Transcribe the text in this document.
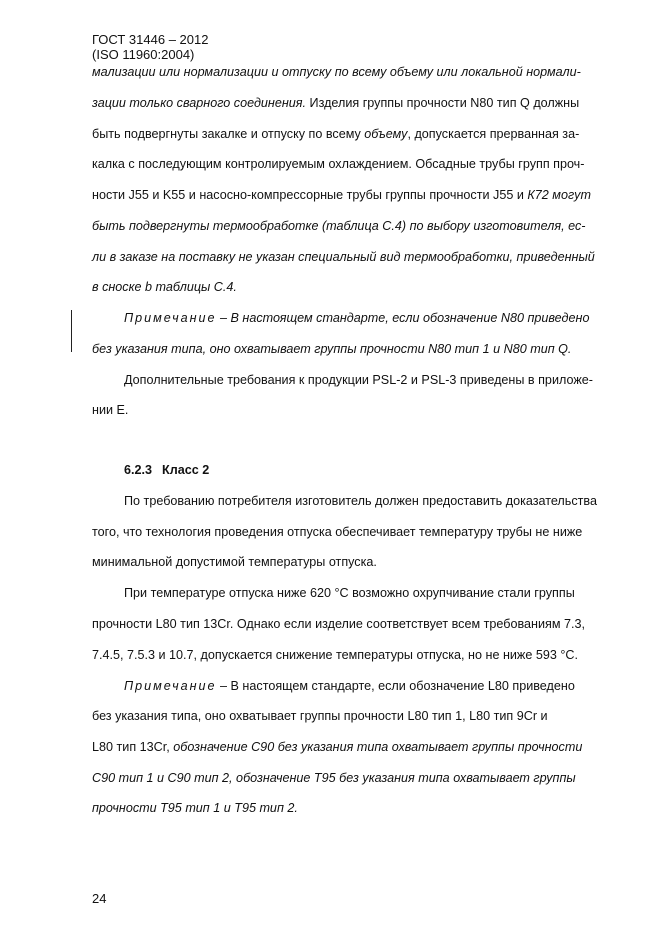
ГОСТ 31446 – 2012
(ISO 11960:2004)
мализации или нормализации и отпуску по всему объему или локальной нормали-
зации только сварного соединения. Изделия группы прочности N80 тип Q должны
быть подвергнуты закалке и отпуску по всему объему, допускается прерванная за-
калка с последующим контролируемым охлаждением. Обсадные трубы групп проч-
ности J55 и K55 и насосно-компрессорные трубы группы прочности J55 и К72 могут
быть подвергнуты термообработке (таблица С.4) по выбору изготовителя, ес-
ли в заказе на поставку не указан специальный вид термообработки, приведенный
в сноске b таблицы С.4.
Примечание – В настоящем стандарте, если обозначение N80 приведено
без указания типа, оно охватывает группы прочности N80 тип 1 и N80 тип Q.
Дополнительные требования к продукции PSL-2 и PSL-3 приведены в приложе-
нии Е.
6.2.3 Класс 2
По требованию потребителя изготовитель должен предоставить доказательства
того, что технология проведения отпуска обеспечивает температуру трубы не ниже
минимальной допустимой температуры отпуска.
При температуре отпуска ниже 620 °С возможно охрупчивание стали группы
прочности L80 тип 13Cr. Однако если изделие соответствует всем требованиям 7.3,
7.4.5, 7.5.3 и 10.7, допускается снижение температуры отпуска, но не ниже 593 °С.
Примечание – В настоящем стандарте, если обозначение L80 приведено
без указания типа, оно охватывает группы прочности L80 тип 1, L80 тип 9Cr и
L80 тип 13Cr, обозначение С90 без указания типа охватывает группы прочности
С90 тип 1 и С90 тип 2, обозначение Т95 без указания типа охватывает группы
прочности Т95 тип 1 и Т95 тип 2.
24
